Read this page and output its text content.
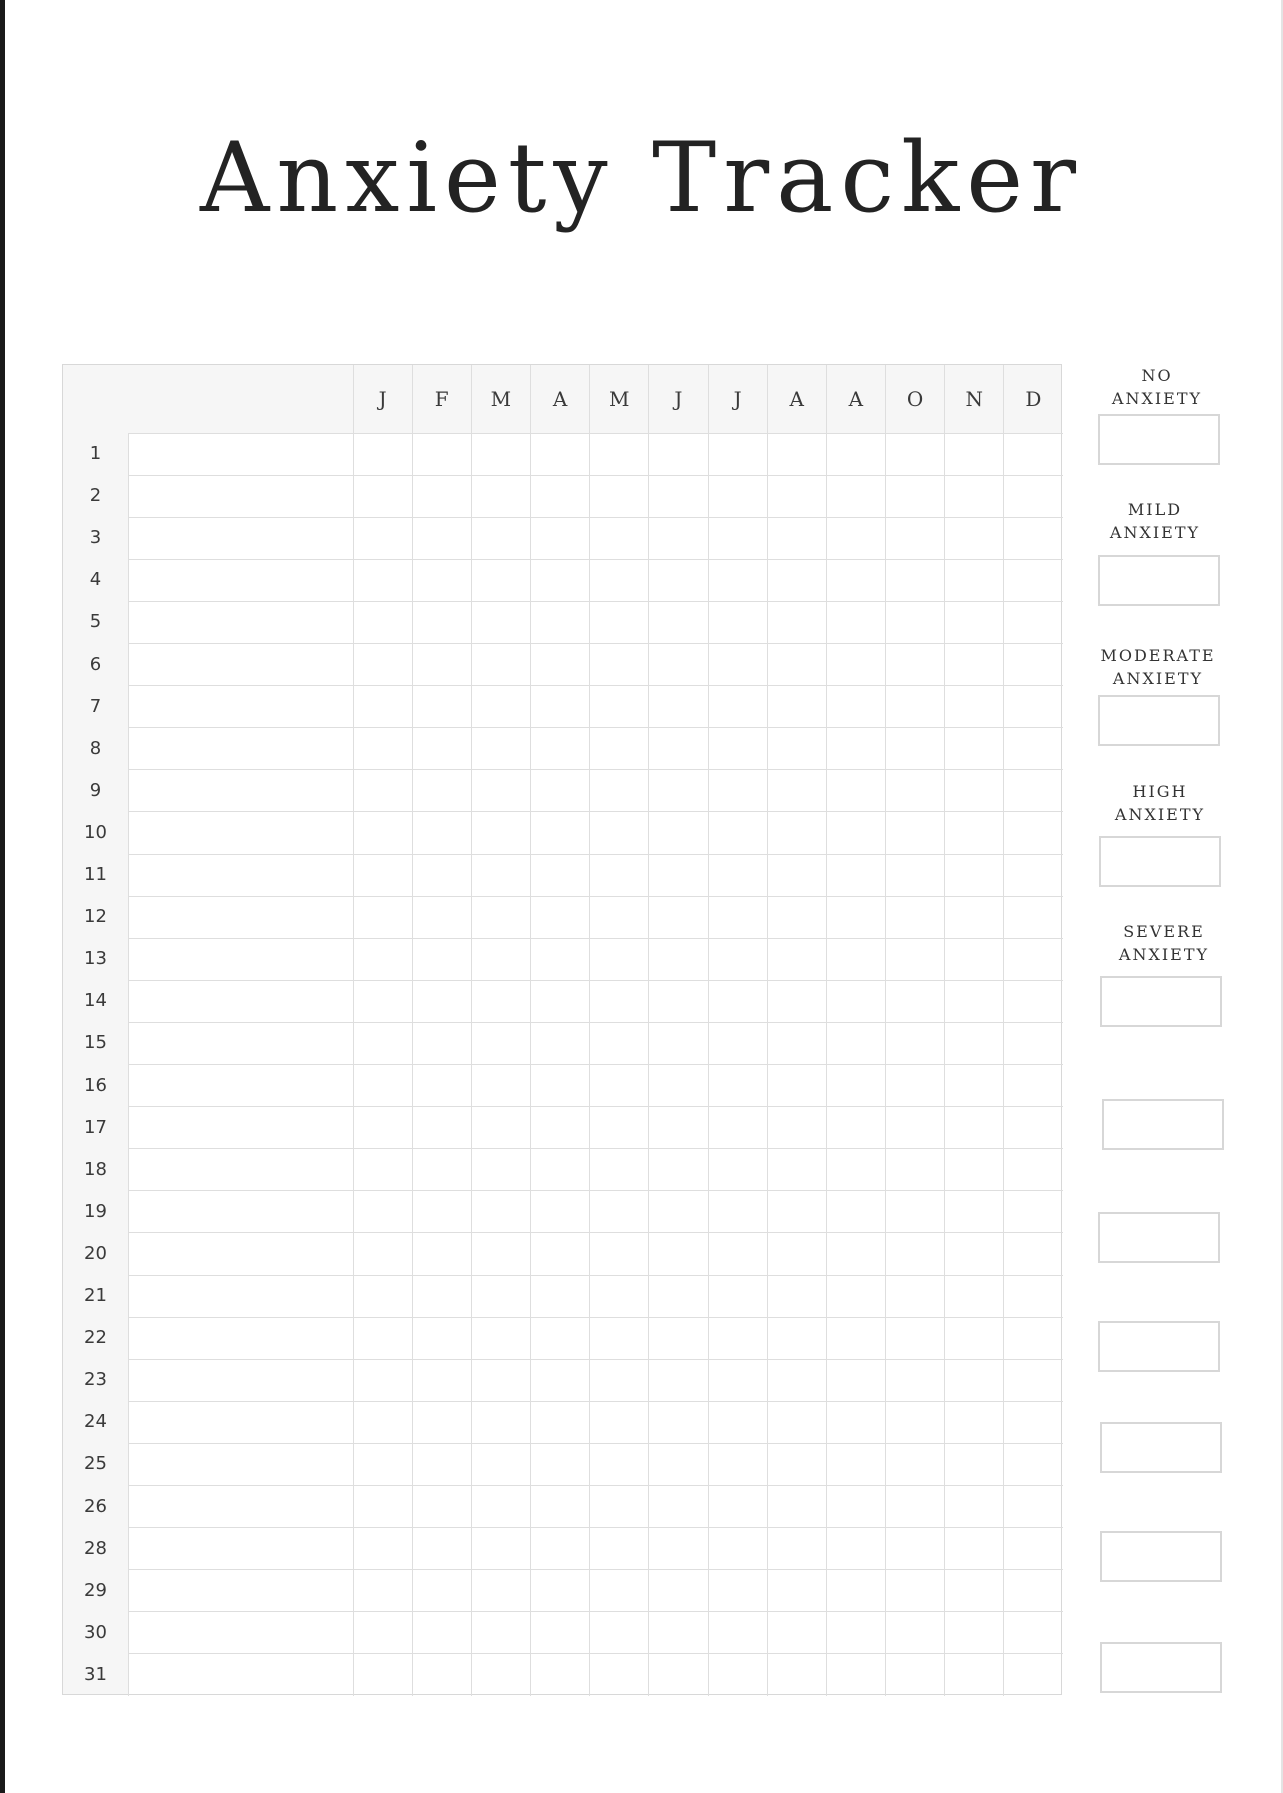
Anxiety Tracker
J	F	M	A	M	J	J	A	A	O	N	D
1
2
3
4
5
6
7
8
9
10
11
12
13
14
15
16
17
18
19
20
21
22
23
24
25
26
28
29
30
31
NO
ANXIETY
MILD
ANXIETY
MODERATE
ANXIETY
HIGH
ANXIETY
SEVERE
ANXIETY
